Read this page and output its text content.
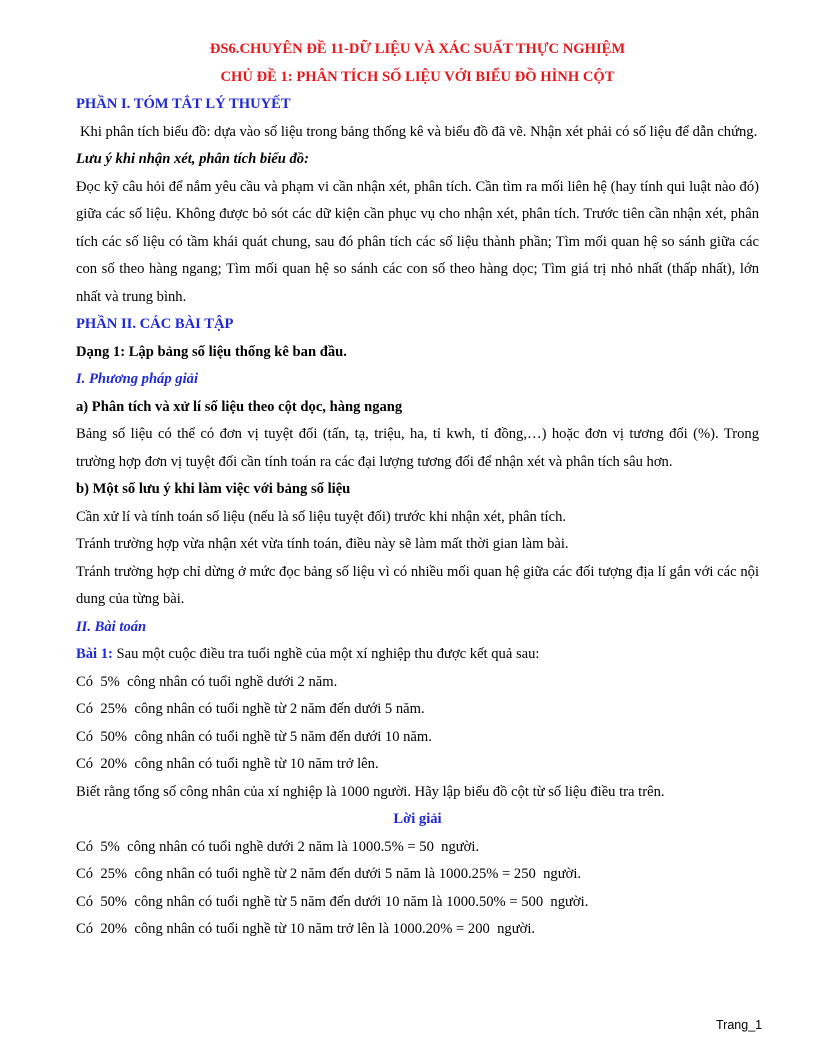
ĐS6.CHUYÊN ĐỀ 11-DỮ LIỆU VÀ XÁC SUẤT THỰC NGHIỆM

CHỦ ĐỀ 1: PHÂN TÍCH SỐ LIỆU VỚI BIỂU ĐỒ HÌNH CỘT

PHẦN I. TÓM TẮT LÝ THUYẾT

Khi phân tích biểu đồ: dựa vào số liệu trong bảng thống kê và biểu đồ đã vẽ. Nhận xét phải có số liệu để dẫn chứng.

Lưu ý khi nhận xét, phân tích biểu đồ:

Đọc kỹ câu hỏi để nắm yêu cầu và phạm vi cần nhận xét, phân tích. Cần tìm ra mối liên hệ (hay tính qui luật nào đó) giữa các số liệu. Không được bỏ sót các dữ kiện cần phục vụ cho nhận xét, phân tích. Trước tiên cần nhận xét, phân tích các số liệu có tầm khái quát chung, sau đó phân tích các số liệu thành phần; Tìm mối quan hệ so sánh giữa các con số theo hàng ngang; Tìm mối quan hệ so sánh các con số theo hàng dọc; Tìm giá trị nhỏ nhất (thấp nhất), lớn nhất và trung bình.

PHẦN II. CÁC BÀI TẬP

Dạng 1: Lập bảng số liệu thống kê ban đầu.

I. Phương pháp giải

a) Phân tích và xử lí số liệu theo cột dọc, hàng ngang

Bảng số liệu có thể có đơn vị tuyệt đối (tấn, tạ, triệu, ha, tỉ kwh, tỉ đồng,…) hoặc đơn vị tương đối (%). Trong trường hợp đơn vị tuyệt đối cần tính toán ra các đại lượng tương đối để nhận xét và phân tích sâu hơn.

b) Một số lưu ý khi làm việc với bảng số liệu

Cần xử lí và tính toán số liệu (nếu là số liệu tuyệt đối) trước khi nhận xét, phân tích.

Tránh trường hợp vừa nhận xét vừa tính toán, điều này sẽ làm mất thời gian làm bài.

Tránh trường hợp chỉ dừng ở mức đọc bảng số liệu vì có nhiều mối quan hệ giữa các đối tượng địa lí gắn với các nội dung của từng bài.

II. Bài toán

Bài 1: Sau một cuộc điều tra tuổi nghề của một xí nghiệp thu được kết quả sau:

Có 5% công nhân có tuổi nghề dưới 2 năm.

Có 25% công nhân có tuổi nghề từ 2 năm đến dưới 5 năm.

Có 50% công nhân có tuổi nghề từ 5 năm đến dưới 10 năm.

Có 20% công nhân có tuổi nghề từ 10 năm trở lên.

Biết rằng tổng số công nhân của xí nghiệp là 1000 người. Hãy lập biểu đồ cột từ số liệu điều tra trên.

Lời giải

Có 5% công nhân có tuổi nghề dưới 2 năm là 1000.5% = 50 người.

Có 25% công nhân có tuổi nghề từ 2 năm đến dưới 5 năm là 1000.25% = 250 người.

Có 50% công nhân có tuổi nghề từ 5 năm đến dưới 10 năm là 1000.50% = 500 người.

Có 20% công nhân có tuổi nghề từ 10 năm trở lên là 1000.20% = 200 người.

Trang_1
